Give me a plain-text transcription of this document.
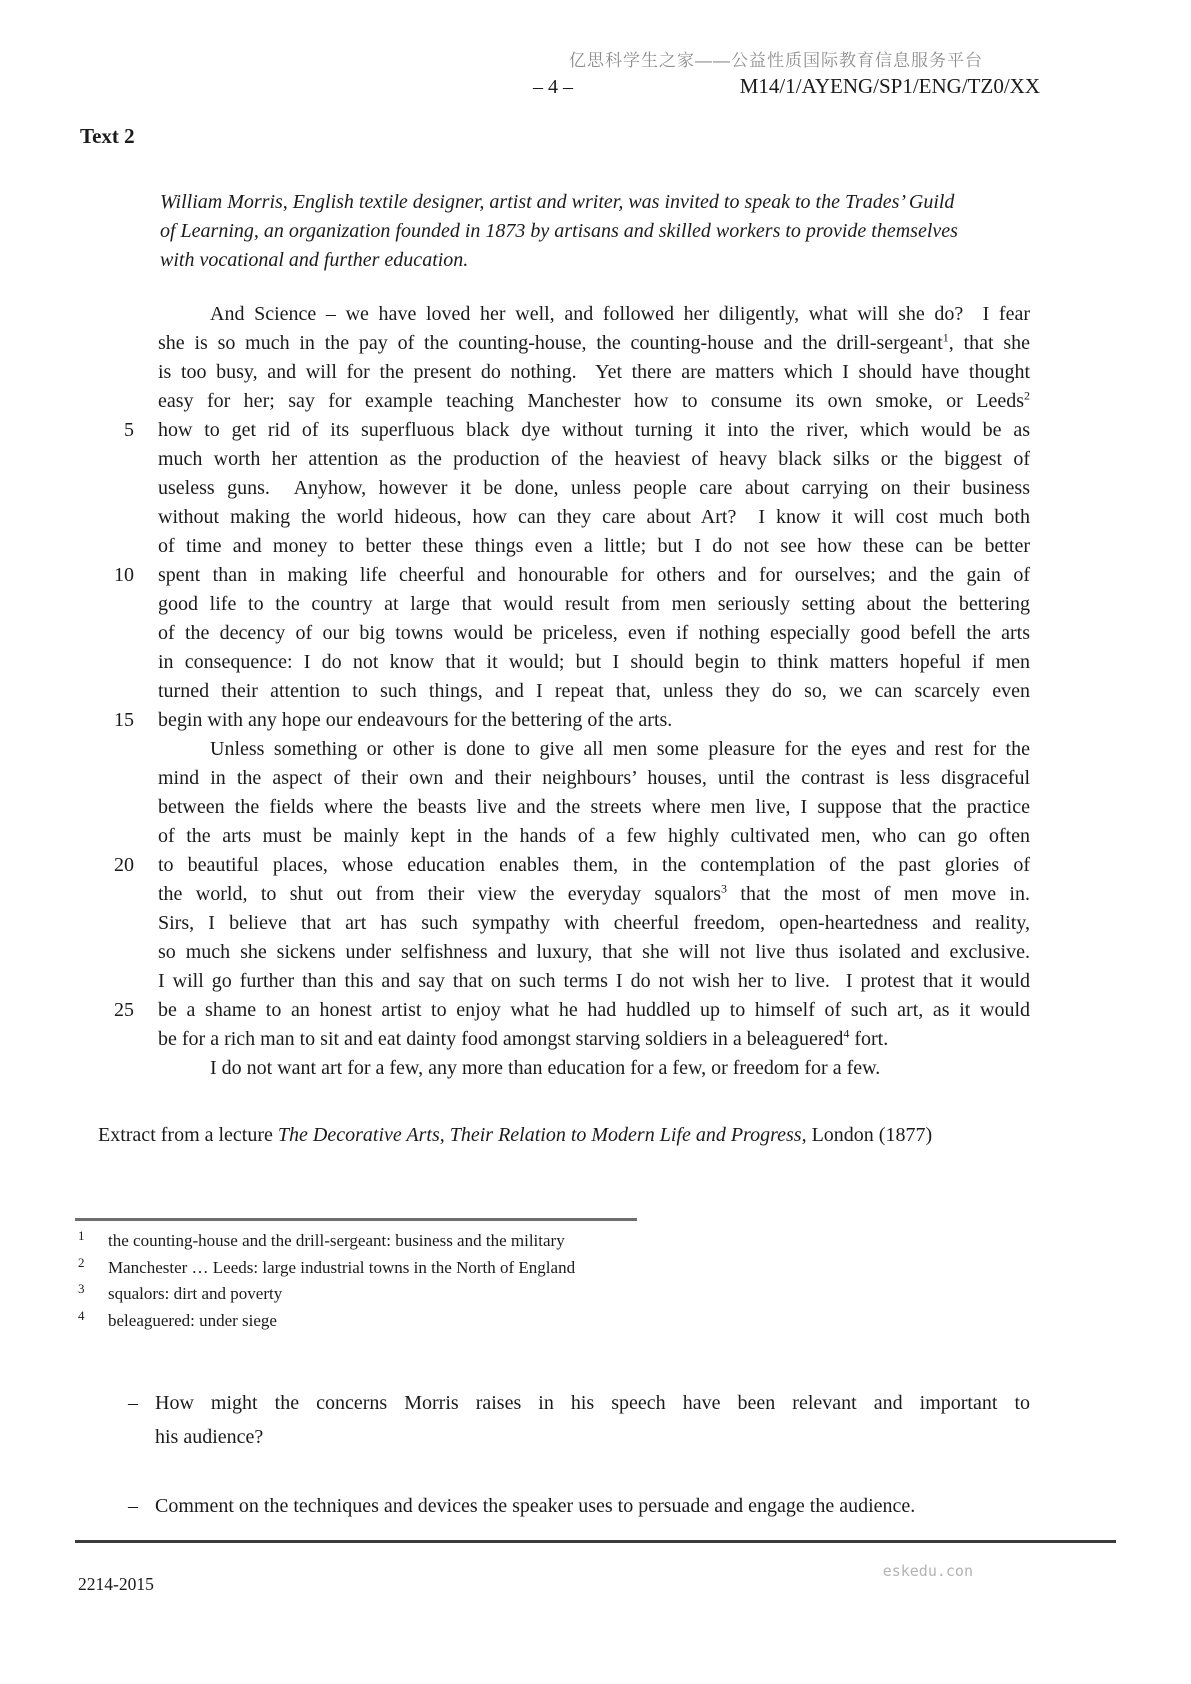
亿思科学生之家——公益性质国际教育信息服务平台
– 4 –	M14/1/AYENG/SP1/ENG/TZ0/XX
Text 2
William Morris, English textile designer, artist and writer, was invited to speak to the Trades’ Guild
of Learning, an organization founded in 1873 by artisans and skilled workers to provide themselves
with vocational and further education.
And Science – we have loved her well, and followed her diligently, what will she do?  I fear
she is so much in the pay of the counting-house, the counting-house and the drill-sergeant$^1$, that she
is too busy, and will for the present do nothing.  Yet there are matters which I should have thought
easy for her; say for example teaching Manchester how to consume its own smoke, or Leeds$^2$
5	how to get rid of its superfluous black dye without turning it into the river, which would be as
much worth her attention as the production of the heaviest of heavy black silks or the biggest of
useless guns.  Anyhow, however it be done, unless people care about carrying on their business
without making the world hideous, how can they care about Art?  I know it will cost much both
of time and money to better these things even a little; but I do not see how these can be better
10	spent than in making life cheerful and honourable for others and for ourselves; and the gain of
good life to the country at large that would result from men seriously setting about the bettering
of the decency of our big towns would be priceless, even if nothing especially good befell the arts
in consequence: I do not know that it would; but I should begin to think matters hopeful if men
turned their attention to such things, and I repeat that, unless they do so, we can scarcely even
15	begin with any hope our endeavours for the bettering of the arts.
Unless something or other is done to give all men some pleasure for the eyes and rest for the
mind in the aspect of their own and their neighbours’ houses, until the contrast is less disgraceful
between the fields where the beasts live and the streets where men live, I suppose that the practice
of the arts must be mainly kept in the hands of a few highly cultivated men, who can go often
20	to beautiful places, whose education enables them, in the contemplation of the past glories of
the world, to shut out from their view the everyday squalors$^3$ that the most of men move in.
Sirs, I believe that art has such sympathy with cheerful freedom, open-heartedness and reality,
so much she sickens under selfishness and luxury, that she will not live thus isolated and exclusive.
I will go further than this and say that on such terms I do not wish her to live.  I protest that it would
25	be a shame to an honest artist to enjoy what he had huddled up to himself of such art, as it would
be for a rich man to sit and eat dainty food amongst starving soldiers in a beleaguered$^4$ fort.
I do not want art for a few, any more than education for a few, or freedom for a few.
Extract from a lecture The Decorative Arts, Their Relation to Modern Life and Progress, London (1877)
1	the counting-house and the drill-sergeant: business and the military
2	Manchester … Leeds: large industrial towns in the North of England
3	squalors: dirt and poverty
4	beleaguered: under siege
– How might the concerns Morris raises in his speech have been relevant and important to
his audience?
– Comment on the techniques and devices the speaker uses to persuade and engage the audience.
2214-2015
eskedu.con
